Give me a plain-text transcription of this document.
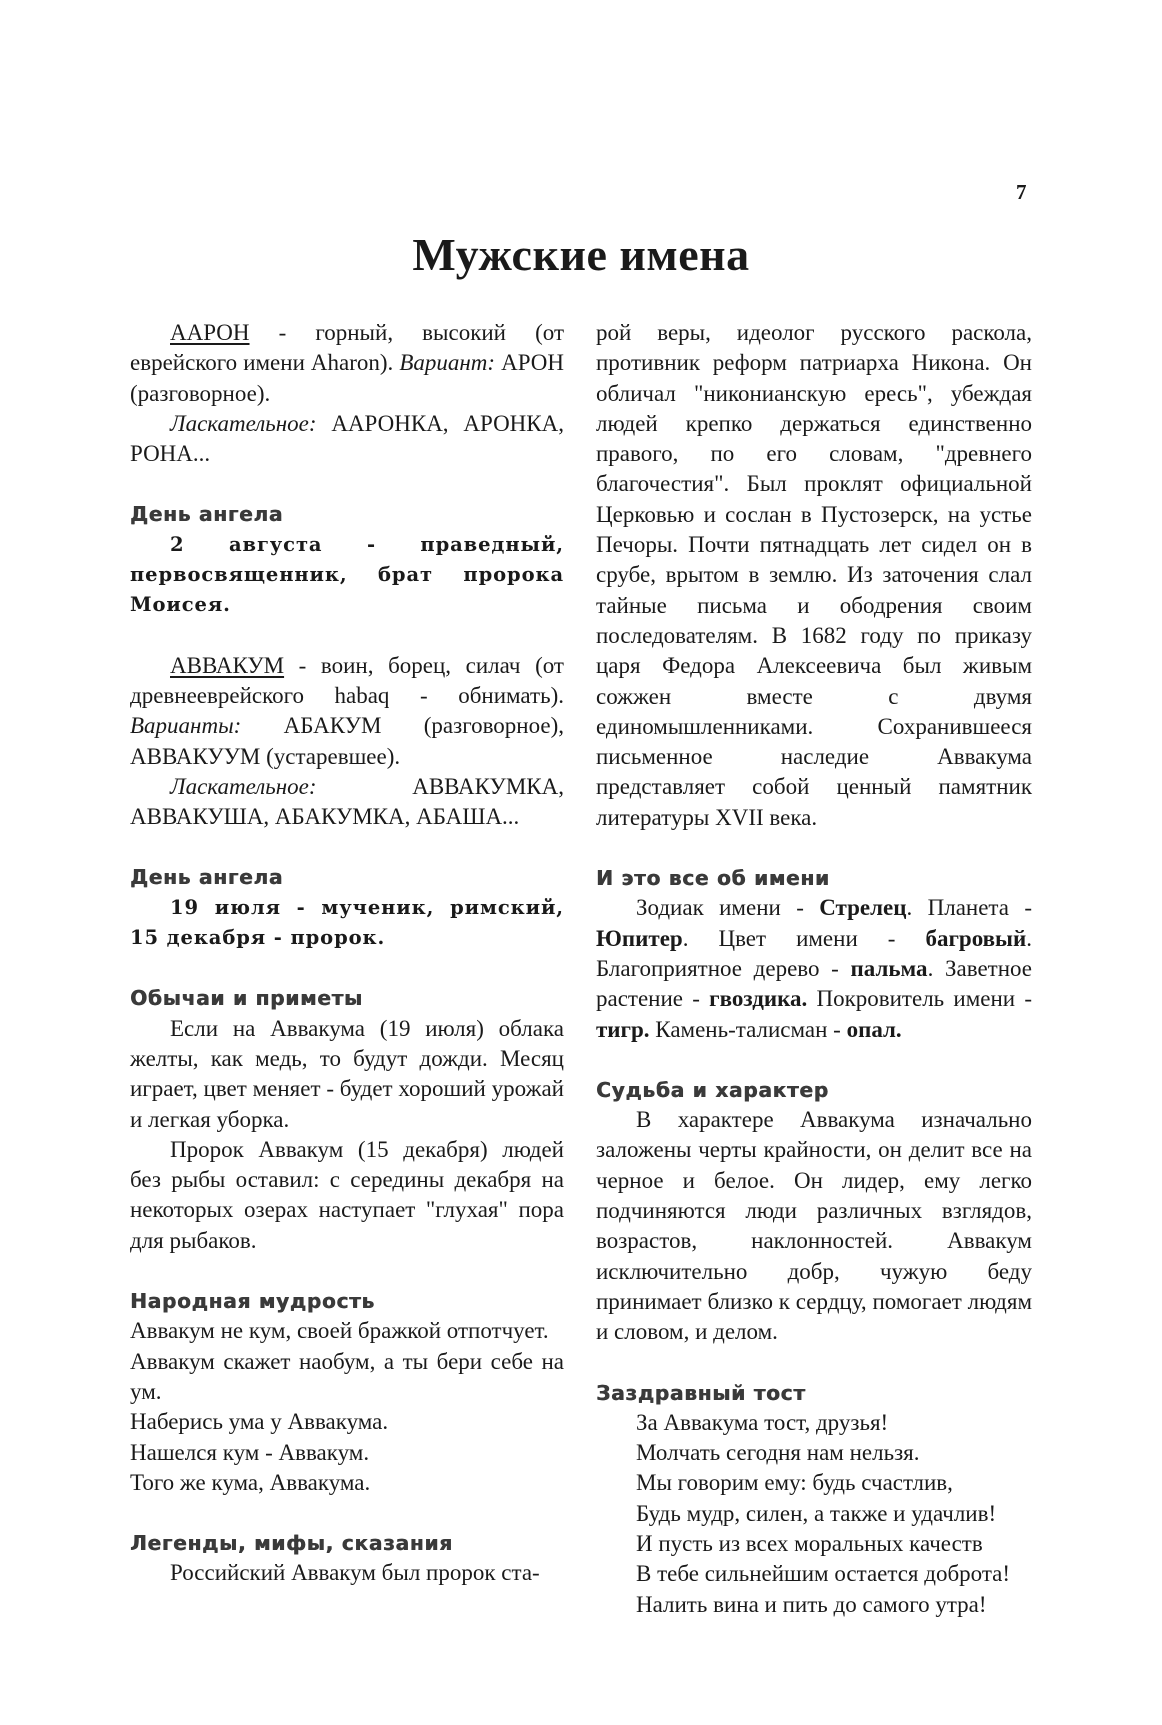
7
Мужские имена

ААРОН - горный, высокий (от еврейского имени Aharon). Вариант: АРОН (разговорное).

Ласкательное: ААРОНКА, АРОНКА, РОНА...

День ангела

2 августа - праведный, первосвященник, брат пророка Моисея.

АВВАКУМ - воин, борец, силач (от древнееврейского habaq - обнимать). Варианты: АБАКУМ (разговорное), АВВАКУУМ (устаревшее).

Ласкательное: АВВАКУМКА, АВВАКУША, АБАКУМКА, АБАША...

День ангела

19 июля - мученик, римский, 15 декабря - пророк.

Обычаи и приметы

Если на Аввакума (19 июля) облака желты, как медь, то будут дожди. Месяц играет, цвет меняет - будет хороший урожай и легкая уборка.

Пророк Аввакум (15 декабря) людей без рыбы оставил: с середины декабря на некоторых озерах наступает "глухая" пора для рыбаков.

Народная мудрость

Аввакум не кум, своей бражкой отпотчует.

Аввакум скажет наобум, а ты бери себе на ум.

Наберись ума у Аввакума.

Нашелся кум - Аввакум.

Того же кума, Аввакума.

Легенды, мифы, сказания

Российский Аввакум был пророк ста-

рой веры, идеолог русского раскола, противник реформ патриарха Никона. Он обличал "никонианскую ересь", убеждая людей крепко держаться единственно правого, по его словам, "древнего благочестия". Был проклят официальной Церковью и сослан в Пустозерск, на устье Печоры. Почти пятнадцать лет сидел он в срубе, врытом в землю. Из заточения слал тайные письма и ободрения своим последователям. В 1682 году по приказу царя Федора Алексеевича был живым сожжен вместе с двумя единомышленниками. Сохранившееся письменное наследие Аввакума представляет собой ценный памятник литературы XVII века.

И это все об имени

Зодиак имени - Стрелец. Планета - Юпитер. Цвет имени - багровый. Благоприятное дерево - пальма. Заветное растение - гвоздика. Покровитель имени - тигр. Камень-талисман - опал.

Судьба и характер

В характере Аввакума изначально заложены черты крайности, он делит все на черное и белое. Он лидер, ему легко подчиняются люди различных взглядов, возрастов, наклонностей. Аввакум исключительно добр, чужую беду принимает близко к сердцу, помогает людям и словом, и делом.

Заздравный тост

За Аввакума тост, друзья!

Молчать сегодня нам нельзя.

Мы говорим ему: будь счастлив,

Будь мудр, силен, а также и удачлив!

И пусть из всех моральных качеств

В тебе сильнейшим остается доброта!

Налить вина и пить до самого утра!
